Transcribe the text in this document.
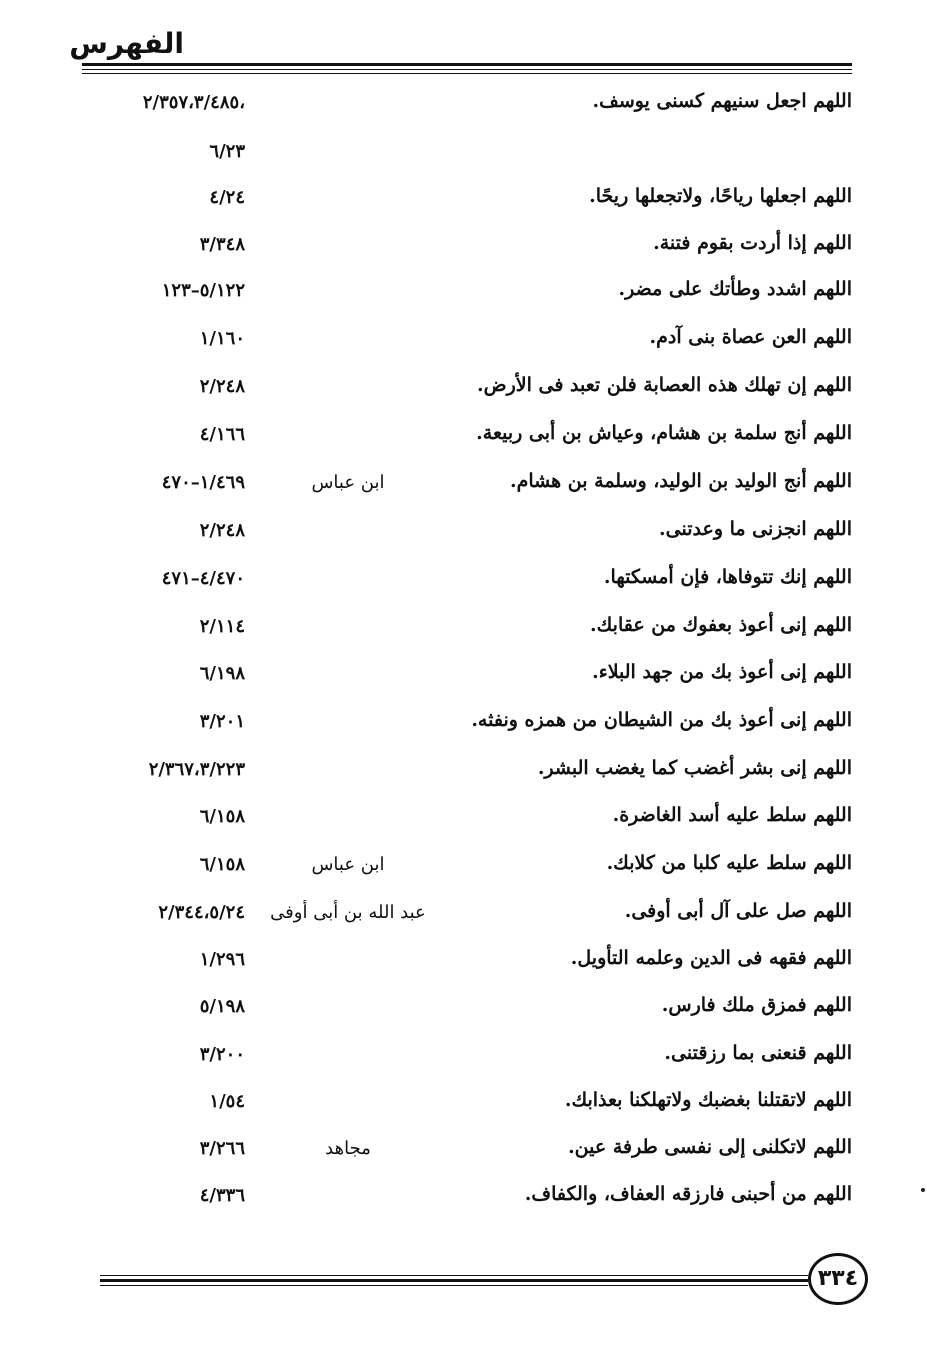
الفهرس
اللهم اجعل سنيهم كسنى يوسف.
٢/٣٥٧،٣/٤٨٥،
٦/٢٣
اللهم اجعلها رياحًا، ولاتجعلها ريحًا.
٤/٢٤
اللهم إذا أردت بقوم فتنة.
٣/٣٤٨
اللهم اشدد وطأتك على مضر.
٥/١٢٢–١٢٣
اللهم العن عصاة بنى آدم.
١/١٦٠
اللهم إن تهلك هذه العصابة فلن تعبد فى الأرض.
٢/٢٤٨
اللهم أنج سلمة بن هشام، وعياش بن أبى ربيعة.
٤/١٦٦
اللهم أنج الوليد بن الوليد، وسلمة بن هشام.
ابن عباس
١/٤٦٩–٤٧٠
اللهم انجزنى ما وعدتنى.
٢/٢٤٨
اللهم إنك تتوفاها، فإن أمسكتها.
٤/٤٧٠–٤٧١
اللهم إنى أعوذ بعفوك من عقابك.
٢/١١٤
اللهم إنى أعوذ بك من جهد البلاء.
٦/١٩٨
اللهم إنى أعوذ بك من الشيطان من همزه ونفثه.
٣/٢٠١
اللهم إنى بشر أغضب كما يغضب البشر.
٢/٣٦٧،٣/٢٢٣
اللهم سلط عليه أسد الغاضرة.
٦/١٥٨
اللهم سلط عليه كلبا من كلابك.
ابن عباس
٦/١٥٨
اللهم صل على آل أبى أوفى.
عبد الله بن أبى أوفى
٢/٣٤٤،٥/٢٤
اللهم فقهه فى الدين وعلمه التأويل.
١/٢٩٦
اللهم فمزق ملك فارس.
٥/١٩٨
اللهم قنعنى بما رزقتنى.
٣/٢٠٠
اللهم لاتقتلنا بغضبك ولاتهلكنا بعذابك.
١/٥٤
اللهم لاتكلنى إلى نفسى طرفة عين.
مجاهد
٣/٢٦٦
اللهم من أحبنى فارزقه العفاف، والكفاف.
٤/٣٣٦
٣٣٤
